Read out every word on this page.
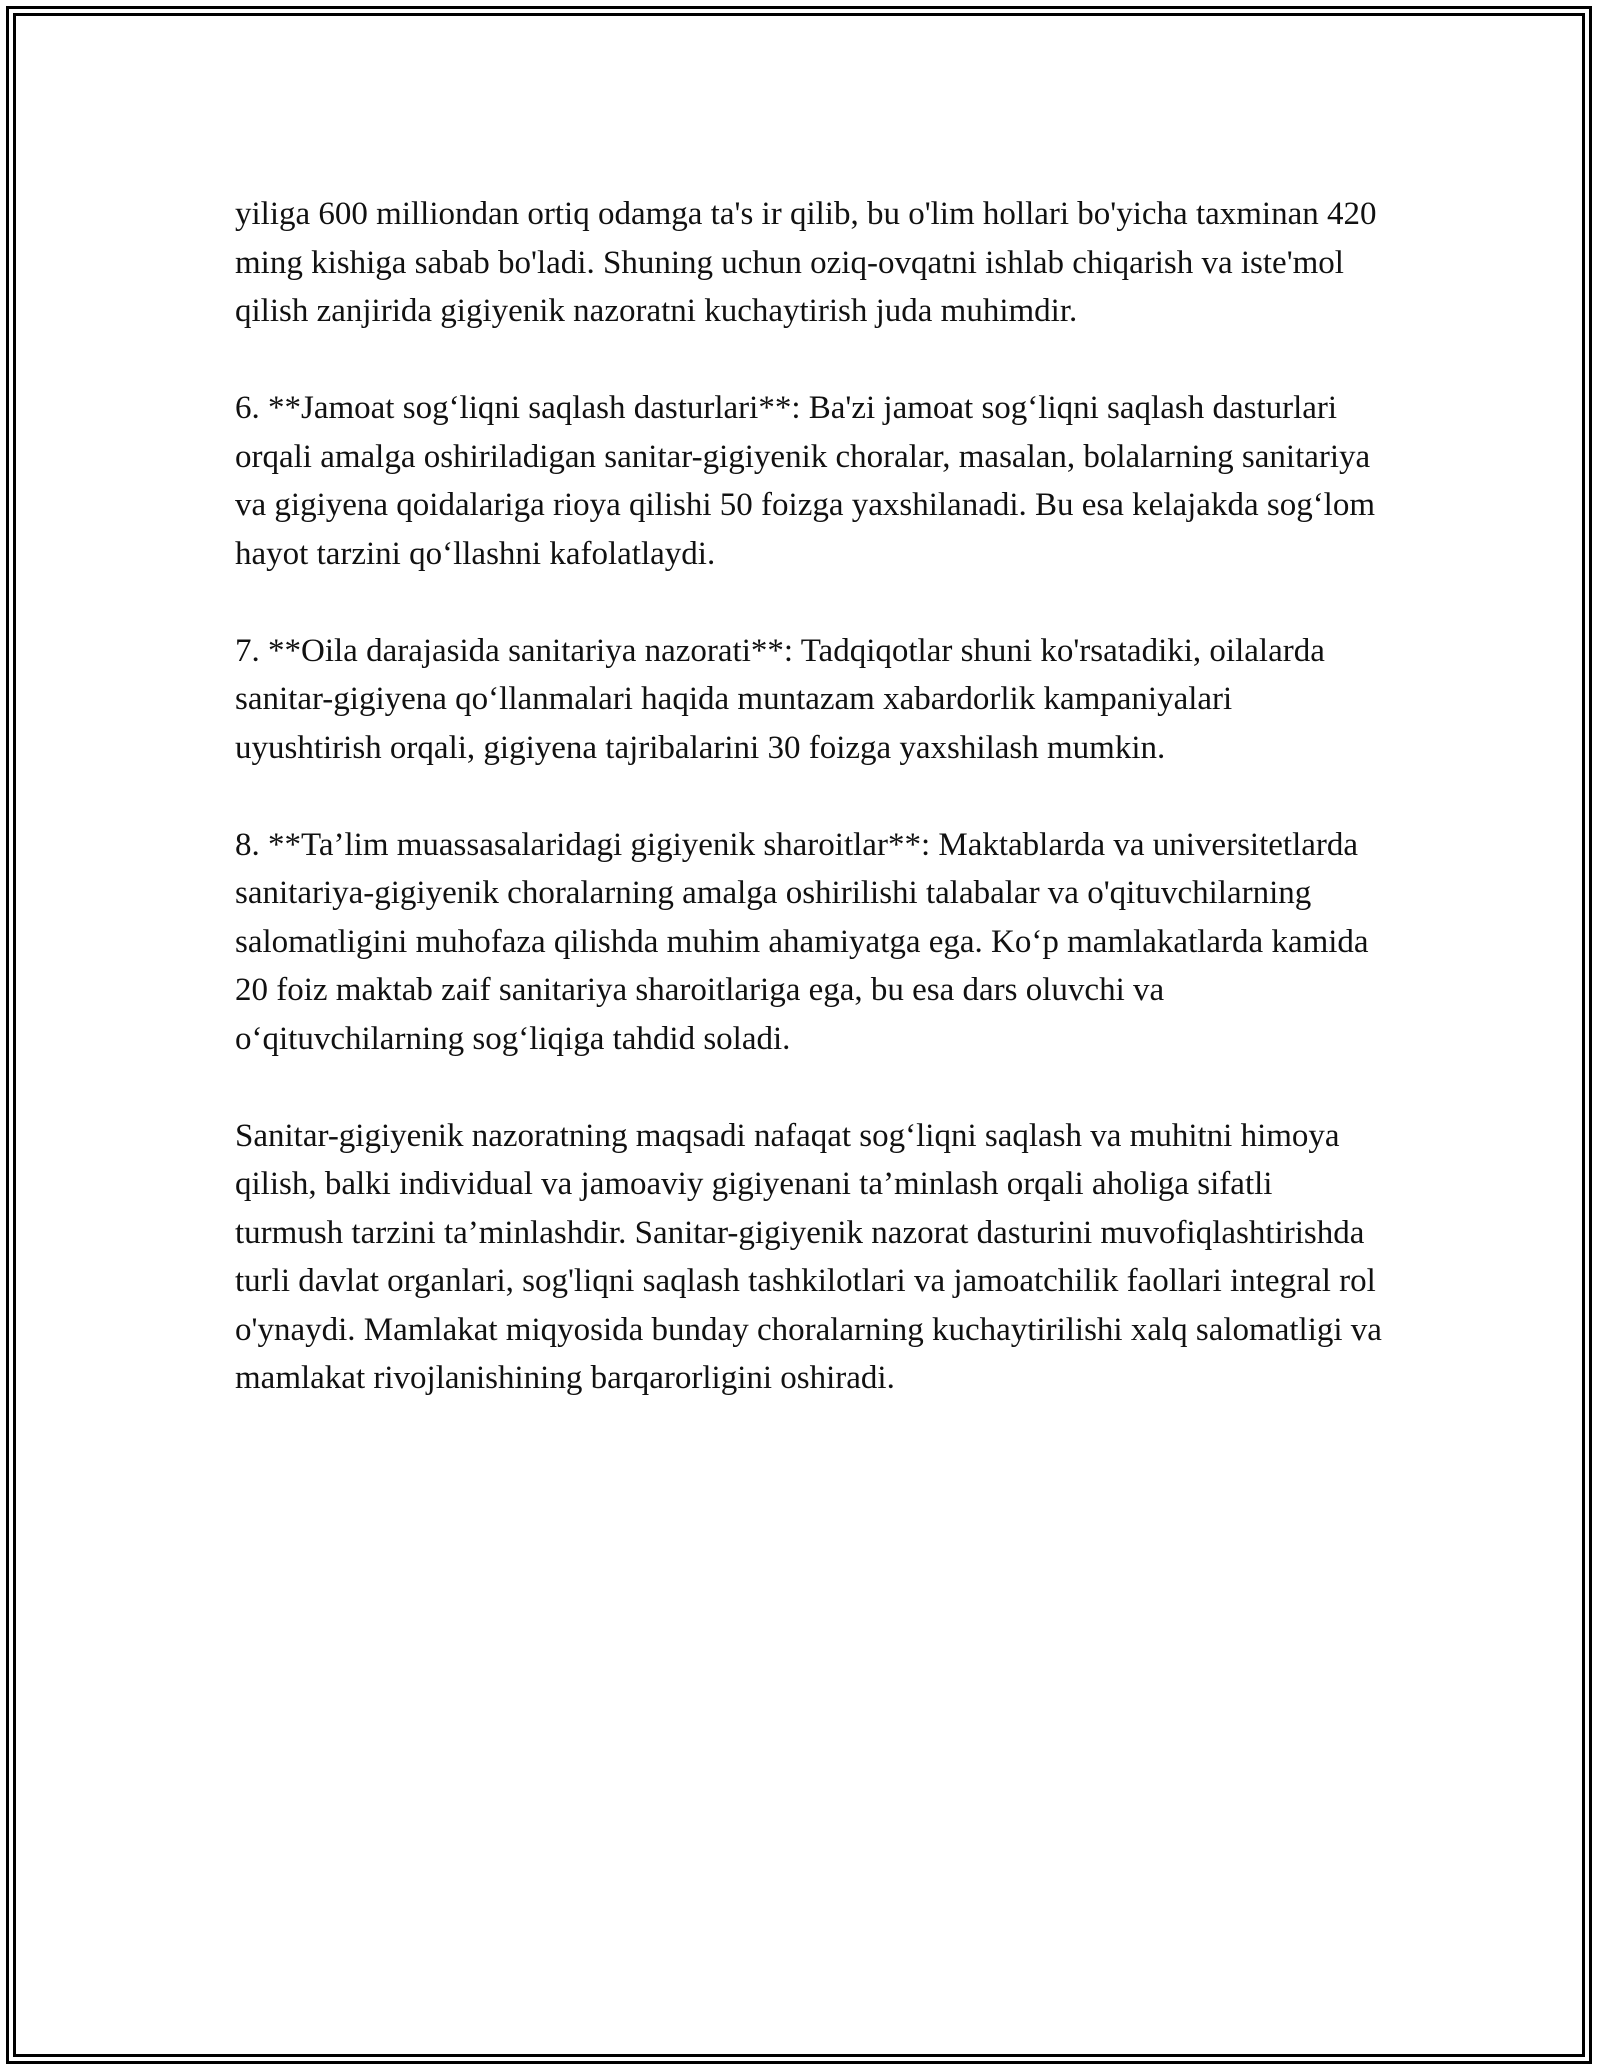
yiliga 600 milliondan ortiq odamga ta's ir qilib, bu o'lim hollari bo'yicha taxminan 420 ming kishiga sabab bo'ladi. Shuning uchun oziq-ovqatni ishlab chiqarish va iste'mol qilish zanjirida gigiyenik nazoratni kuchaytirish juda muhimdir.

6. **Jamoat sog‘liqni saqlash dasturlari**: Ba'zi jamoat sog‘liqni saqlash dasturlari orqali amalga oshiriladigan sanitar-gigiyenik choralar, masalan, bolalarning sanitariya va gigiyena qoidalariga rioya qilishi 50 foizga yaxshilanadi. Bu esa kelajakda sog‘lom hayot tarzini qo‘llashni kafolatlaydi.

7. **Oila darajasida sanitariya nazorati**: Tadqiqotlar shuni ko'rsatadiki, oilalarda sanitar-gigiyena qo‘llanmalari haqida muntazam xabardorlik kampaniyalari uyushtirish orqali, gigiyena tajribalarini 30 foizga yaxshilash mumkin.

8. **Ta’lim muassasalaridagi gigiyenik sharoitlar**: Maktablarda va universitetlarda sanitariya-gigiyenik choralarning amalga oshirilishi talabalar va o'qituvchilarning salomatligini muhofaza qilishda muhim ahamiyatga ega. Ko‘p mamlakatlarda kamida 20 foiz maktab zaif sanitariya sharoitlariga ega, bu esa dars oluvchi va o‘qituvchilarning sog‘liqiga tahdid soladi.

Sanitar-gigiyenik nazoratning maqsadi nafaqat sog‘liqni saqlash va muhitni himoya qilish, balki individual va jamoaviy gigiyenani ta’minlash orqali aholiga sifatli turmush tarzini ta’minlashdir. Sanitar-gigiyenik nazorat dasturini muvofiqlashtirishda turli davlat organlari, sog'liqni saqlash tashkilotlari va jamoatchilik faollari integral rol o'ynaydi. Mamlakat miqyosida bunday choralarning kuchaytirilishi xalq salomatligi va mamlakat rivojlanishining barqarorligini oshiradi.
